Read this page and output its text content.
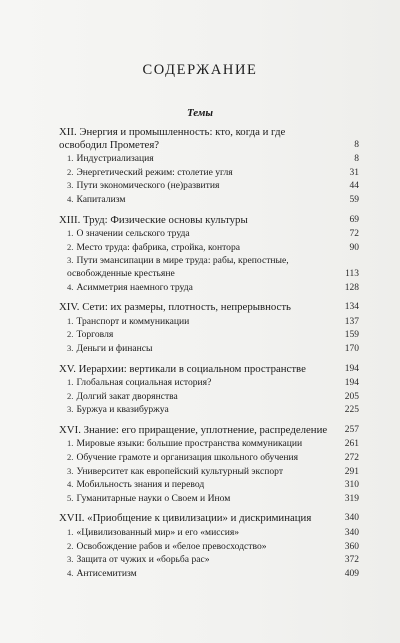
СОДЕРЖАНИЕ
Темы
XII. Энергия и промышленность: кто, когда и где освободил Прометея?	8
1. Индустриализация	8
2. Энергетический режим: столетие угля	31
3. Пути экономического (не)развития	44
4. Капитализм	59
XIII. Труд: Физические основы культуры	69
1. О значении сельского труда	72
2. Место труда: фабрика, стройка, контора	90
3. Пути эмансипации в мире труда: рабы, крепостные, освобожденные крестьяне	113
4. Асимметрия наемного труда	128
XIV. Сети: их размеры, плотность, непрерывность	134
1. Транспорт и коммуникации	137
2. Торговля	159
3. Деньги и финансы	170
XV. Иерархии: вертикали в социальном пространстве	194
1. Глобальная социальная история?	194
2. Долгий закат дворянства	205
3. Буржуа и квазибуржуа	225
XVI. Знание: его приращение, уплотнение, распределение	257
1. Мировые языки: большие пространства коммуникации	261
2. Обучение грамоте и организация школьного обучения	272
3. Университет как европейский культурный экспорт	291
4. Мобильность знания и перевод	310
5. Гуманитарные науки о Своем и Ином	319
XVII. «Приобщение к цивилизации» и дискриминация	340
1. «Цивилизованный мир» и его «миссия»	340
2. Освобождение рабов и «белое превосходство»	360
3. Защита от чужих и «борьба рас»	372
4. Антисемитизм	409
